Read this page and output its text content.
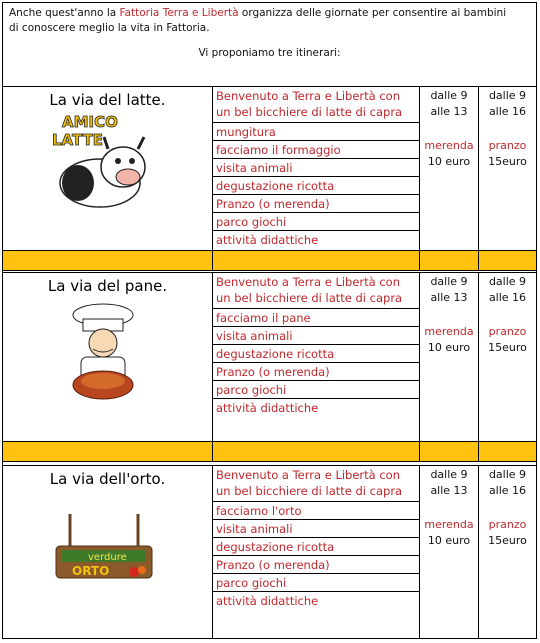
Anche quest'anno la Fattoria Terra e Libertà organizza delle giornate per consentire ai bambini
di conoscere meglio la vita in Fattoria.
Vi proponiamo tre itinerari:
La via del latte.
AMICO
LATTE
Benvenuto a Terra e Libertà con
un bel bicchiere di latte di capra
mungitura
facciamo il formaggio
visita animali
degustazione ricotta
Pranzo (o merenda)
parco giochi
attività didattiche
dalle 9
alle 13
merenda
10 euro
dalle 9
alle 16
pranzo
15euro
La via del pane.	Benvenuto a Terra e Libertà con
un bel bicchiere di latte di capra
facciamo il pane
visita animali
degustazione ricotta
Pranzo (o merenda)
parco giochi
attività didattiche
dalle 9
alle 13
merenda
10 euro
dalle 9
alle 16
pranzo
15euro
La via dell'orto.
verdure
ORTO
Benvenuto a Terra e Libertà con
un bel bicchiere di latte di capra
facciamo l'orto
visita animali
degustazione ricotta
Pranzo (o merenda)
parco giochi
attività didattiche
dalle 9
alle 13
merenda
10 euro
dalle 9
alle 16
pranzo
15euro
